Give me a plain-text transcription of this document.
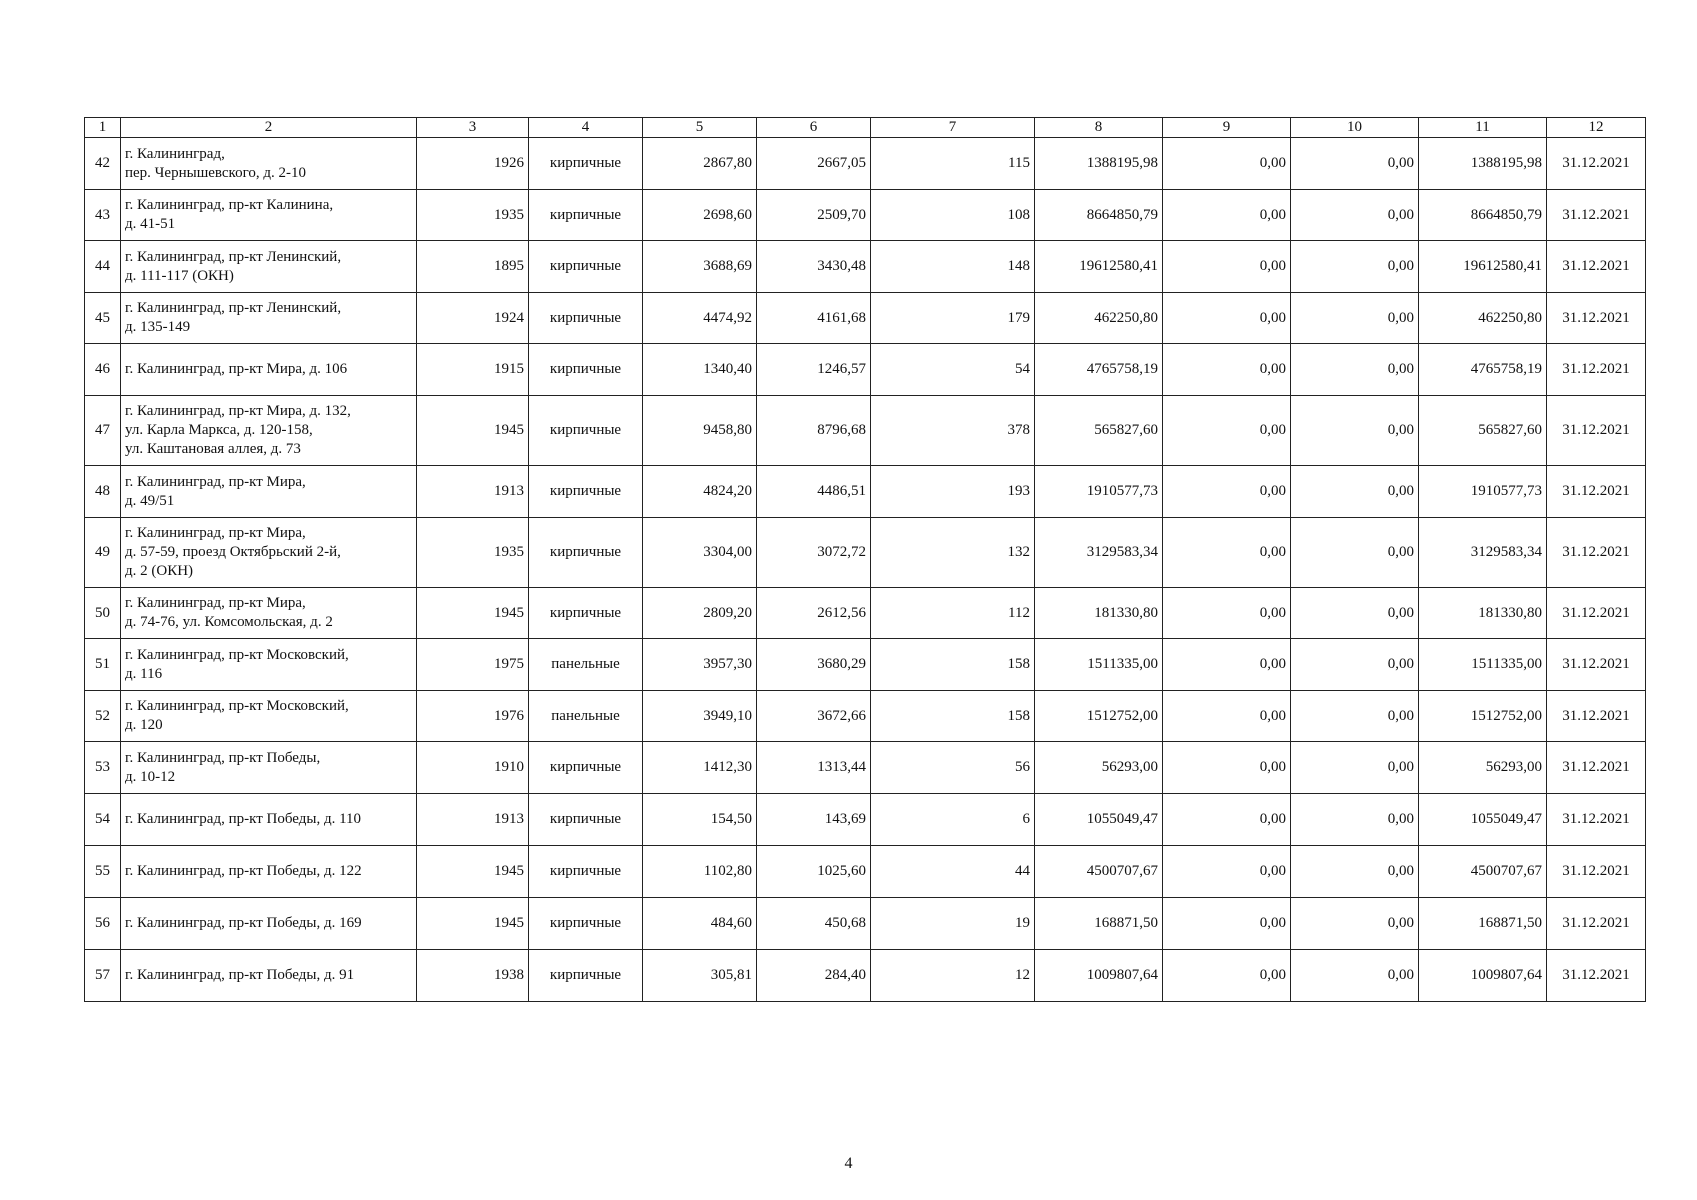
1	2	3	4	5	6	7	8	9	10	11	12
42	г. Калининград,
пер. Чернышевского, д. 2-10	1926	кирпичные	2867,80	2667,05	115	1388195,98	0,00	0,00	1388195,98	31.12.2021
43	г. Калининград, пр-кт Калинина,
д. 41-51	1935	кирпичные	2698,60	2509,70	108	8664850,79	0,00	0,00	8664850,79	31.12.2021
44	г. Калининград, пр-кт Ленинский,
д. 111-117 (ОКН)	1895	кирпичные	3688,69	3430,48	148	19612580,41	0,00	0,00	19612580,41	31.12.2021
45	г. Калининград, пр-кт Ленинский,
д. 135-149	1924	кирпичные	4474,92	4161,68	179	462250,80	0,00	0,00	462250,80	31.12.2021
46	г. Калининград, пр-кт Мира, д. 106	1915	кирпичные	1340,40	1246,57	54	4765758,19	0,00	0,00	4765758,19	31.12.2021
47	г. Калининград, пр-кт Мира, д. 132,
ул. Карла Маркса, д. 120-158,
ул. Каштановая аллея, д. 73	1945	кирпичные	9458,80	8796,68	378	565827,60	0,00	0,00	565827,60	31.12.2021
48	г. Калининград, пр-кт Мира,
д. 49/51	1913	кирпичные	4824,20	4486,51	193	1910577,73	0,00	0,00	1910577,73	31.12.2021
49	г. Калининград, пр-кт Мира,
д. 57-59, проезд Октябрьский 2-й,
д. 2 (ОКН)	1935	кирпичные	3304,00	3072,72	132	3129583,34	0,00	0,00	3129583,34	31.12.2021
50	г. Калининград, пр-кт Мира,
д. 74-76, ул. Комсомольская, д. 2	1945	кирпичные	2809,20	2612,56	112	181330,80	0,00	0,00	181330,80	31.12.2021
51	г. Калининград, пр-кт Московский,
д. 116	1975	панельные	3957,30	3680,29	158	1511335,00	0,00	0,00	1511335,00	31.12.2021
52	г. Калининград, пр-кт Московский,
д. 120	1976	панельные	3949,10	3672,66	158	1512752,00	0,00	0,00	1512752,00	31.12.2021
53	г. Калининград, пр-кт Победы,
д. 10-12	1910	кирпичные	1412,30	1313,44	56	56293,00	0,00	0,00	56293,00	31.12.2021
54	г. Калининград, пр-кт Победы, д. 110	1913	кирпичные	154,50	143,69	6	1055049,47	0,00	0,00	1055049,47	31.12.2021
55	г. Калининград, пр-кт Победы, д. 122	1945	кирпичные	1102,80	1025,60	44	4500707,67	0,00	0,00	4500707,67	31.12.2021
56	г. Калининград, пр-кт Победы, д. 169	1945	кирпичные	484,60	450,68	19	168871,50	0,00	0,00	168871,50	31.12.2021
57	г. Калининград, пр-кт Победы, д. 91	1938	кирпичные	305,81	284,40	12	1009807,64	0,00	0,00	1009807,64	31.12.2021
4
